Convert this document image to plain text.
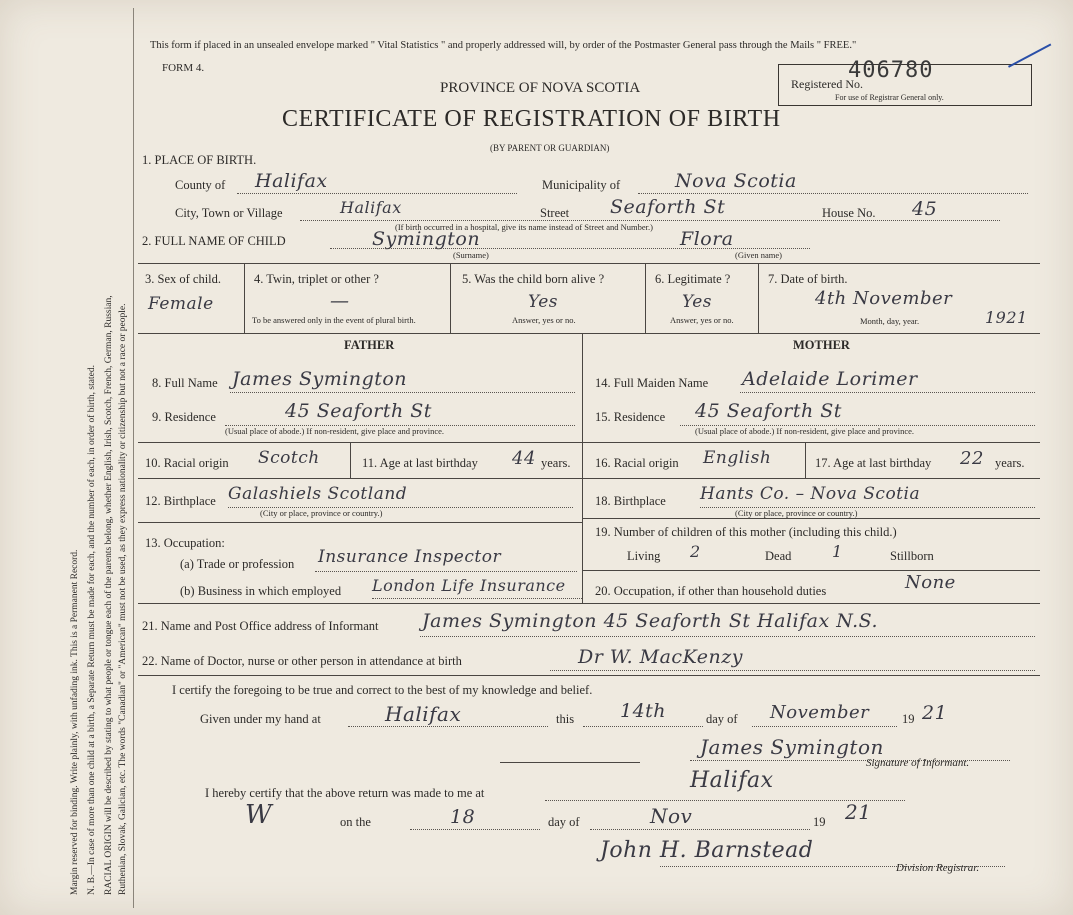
Margin reserved for binding. Write plainly, with unfading ink. This is a Permanent Record. N. B.—In case of more than one child at a birth, a Separate Return must be made for each, and the number of each, in order of birth, stated. RACIAL ORIGIN will be described by stating to what people or tongue each of the parents belong, whether English, Irish, Scotch, French, German, Russian, Ruthenian, Slovak, Galician, etc. The words "Canadian" or "American" must not be used, as they express nationality or citizenship but not a race or people.
This form if placed in an unsealed envelope marked " Vital Statistics " and properly addressed will, by order of the Postmaster General pass through the Mails " FREE."
FORM 4.
PROVINCE OF NOVA SCOTIA
CERTIFICATE OF REGISTRATION OF BIRTH
(BY PARENT OR GUARDIAN)
Registered No.
For use of Registrar General only.
406780
1. PLACE OF BIRTH.
County of Halifax	Municipality of	Nova Scotia
City, Town or Village	Halifax	Street Seaforth St	House No. 45
(If birth occurred in a hospital, give its name instead of Street and Number.)
2. FULL NAME OF CHILD	Symington	Flora
(Surname)	(Given name)
3. Sex of child.
Female
4. Twin, triplet or other ?
—
To be answered only in the event of plural birth.
5. Was the child born alive ?
Yes
Answer, yes or no.
6. Legitimate ?
Yes
Answer, yes or no.
7. Date of birth.
4th November
Month, day, year.	1921
FATHER	MOTHER
8. Full Name James Symington
9. Residence	45 Seaforth St
(Usual place of abode.) If non-resident, give place and province.
10. Racial origin Scotch	11. Age at last birthday 44 years.
12. Birthplace Galashiels Scotland
(City or place, province or country.)
13. Occupation:
(a) Trade or profession Insurance Inspector
(b) Business in which employed London Life Insurance
14. Full Maiden Name Adelaide Lorimer
15. Residence 45 Seaforth St
(Usual place of abode.) If non-resident, give place and province.
16. Racial origin English	17. Age at last birthday 22 years.
18. Birthplace Hants Co. – Nova Scotia
(City or place, province or country.)
19. Number of children of this mother (including this child.)
Living 2	Dead	1	Stillborn
20. Occupation, if other than household duties	None
21. Name and Post Office address of Informant James Symington 45 Seaforth St Halifax N.S.
22. Name of Doctor, nurse or other person in attendance at birth	Dr W. MacKenzy
I certify the foregoing to be true and correct to the best of my knowledge and belief.
Given under my hand at	Halifax	this 14th	day of November	19 21
James Symington
Signature of Informant.
I hereby certify that the above return was made to me at	Halifax
W	on the	18	day of	Nov	19 21
John H. Barnstead
Division Registrar.
